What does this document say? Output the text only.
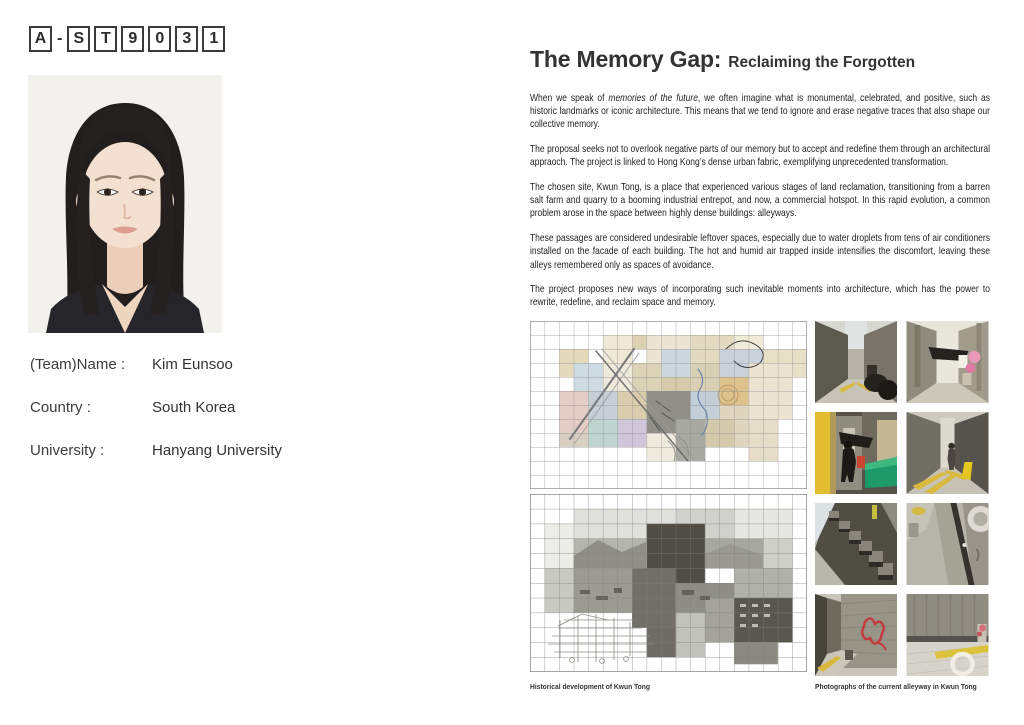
A - S	T	9	0	3	1
(Team)Name :	Kim Eunsoo
Country :	South Korea
University :	Hanyang University
The Memory Gap: Reclaiming the Forgotten

When we speak of memories of the future, we often imagine what is monumental, celebrated, and positive, such as historic landmarks or iconic architecture. This means that we tend to ignore and erase negative traces that also shape our collective memory.

The proposal seeks not to overlook negative parts of our memory but to accept and redefine them through an architectural appraoch. The project is linked to Hong Kong’s dense urban fabric, exemplifying unprecedented transformation.

The chosen site, Kwun Tong, is a place that experienced various stages of land reclamation, transitioning from a barren salt farm and quarry to a booming industrial entrepot, and now, a commercial hotspot. In this rapid evolution, a common problem arose in the space between highly dense buildings: alleyways.

These passages are considered undesirable leftover spaces, especially due to water droplets from tens of air conditioners installed on the facade of each building. The hot and humid air trapped inside intensifies the discomfort, leaving these alleys remembered only as spaces of avoidance.

The project proposes new ways of incorporating such inevitable moments into architecture, which has the power to rewrite, redefine, and reclaim space and memory.

Historical development of Kwun Tong	Photographs of the current alleyway in Kwun Tong
